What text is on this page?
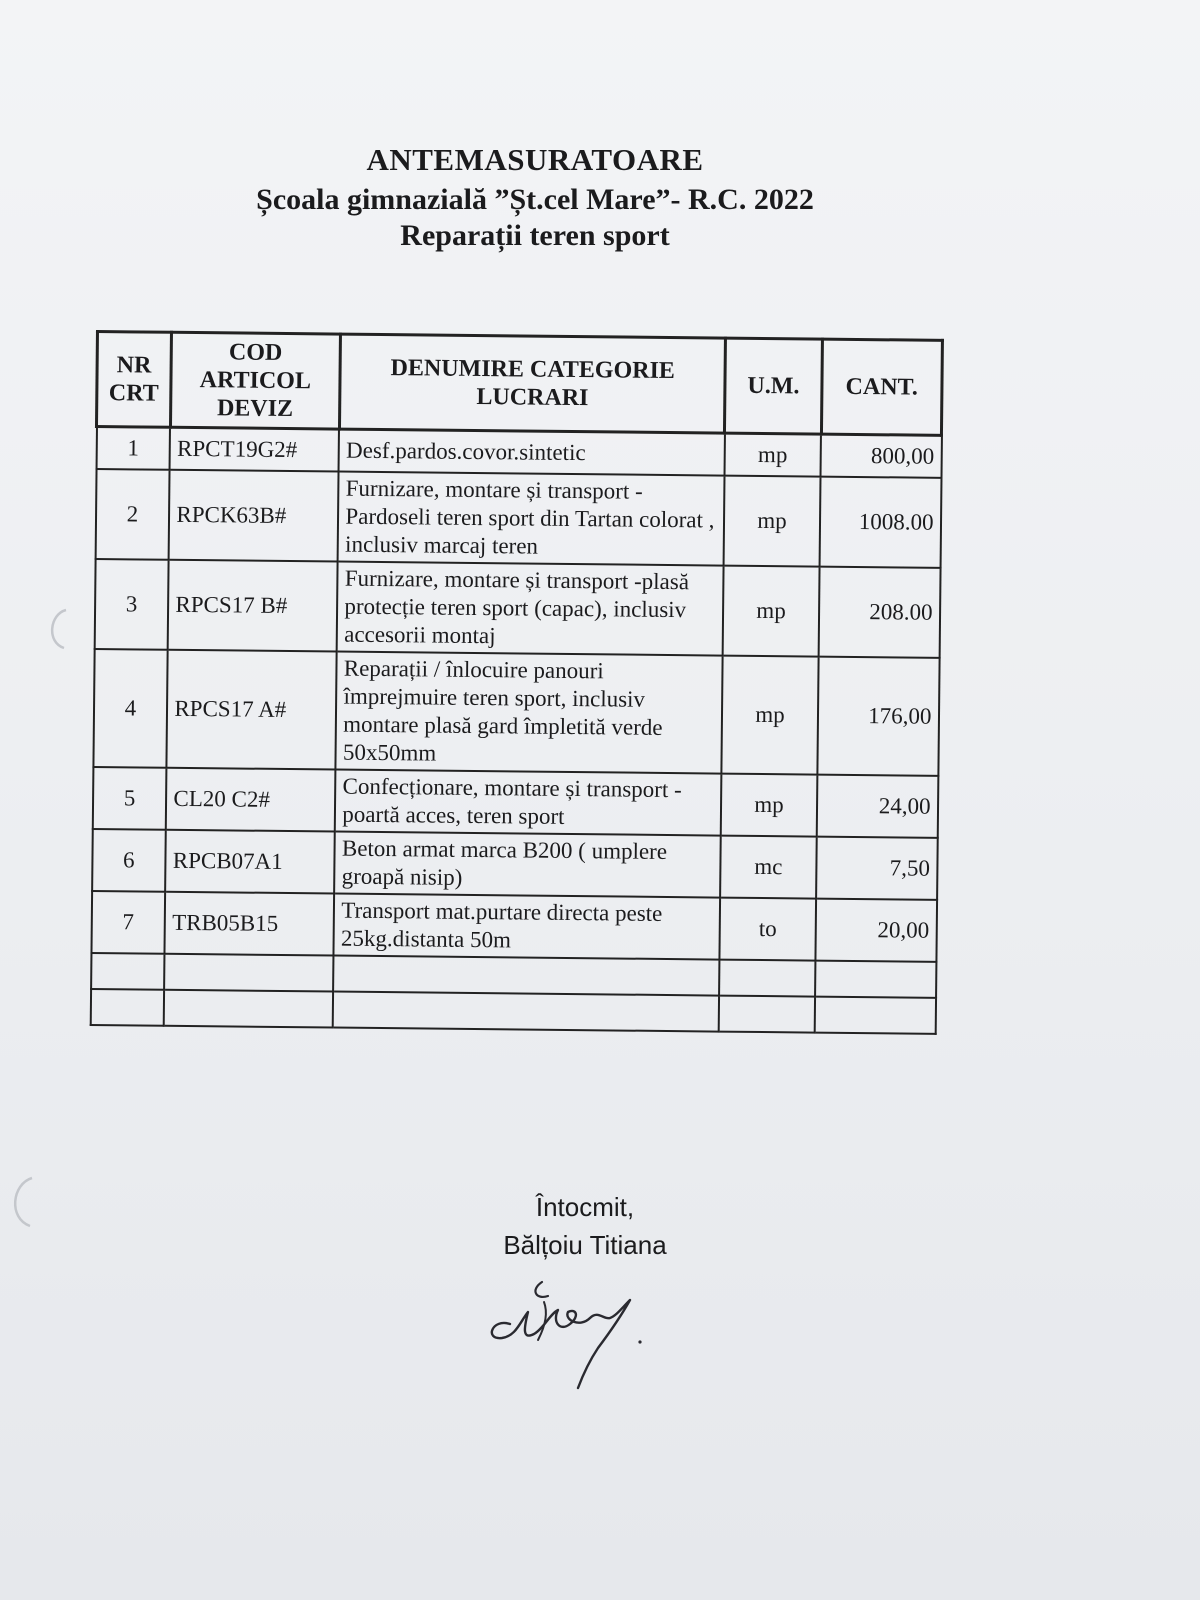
ANTEMASURATOARE
Școala gimnazială ”Șt.cel Mare”- R.C. 2022
Reparații teren sport
NR CRT	COD ARTICOL DEVIZ	DENUMIRE CATEGORIE LUCRARI	U.M.	CANT.
1	RPCT19G2#	Desf.pardos.covor.sintetic	mp	800,00
2	RPCK63B#	Furnizare, montare și transport - Pardoseli teren sport din Tartan colorat , inclusiv marcaj teren	mp	1008.00
3	RPCS17 B#	Furnizare, montare și transport -plasă protecție teren sport (capac), inclusiv accesorii montaj	mp	208.00
4	RPCS17 A#	Reparații / înlocuire panouri împrejmuire teren sport, inclusiv montare plasă gard împletită verde 50x50mm	mp	176,00
5	CL20 C2#	Confecționare, montare și transport - poartă acces, teren sport	mp	24,00
6	RPCB07A1	Beton armat marca B200 ( umplere groapă nisip)	mc	7,50
7	TRB05B15	Transport mat.purtare directa peste 25kg.distanta 50m	to	20,00

Întocmit,
Bălțoiu Titiana
